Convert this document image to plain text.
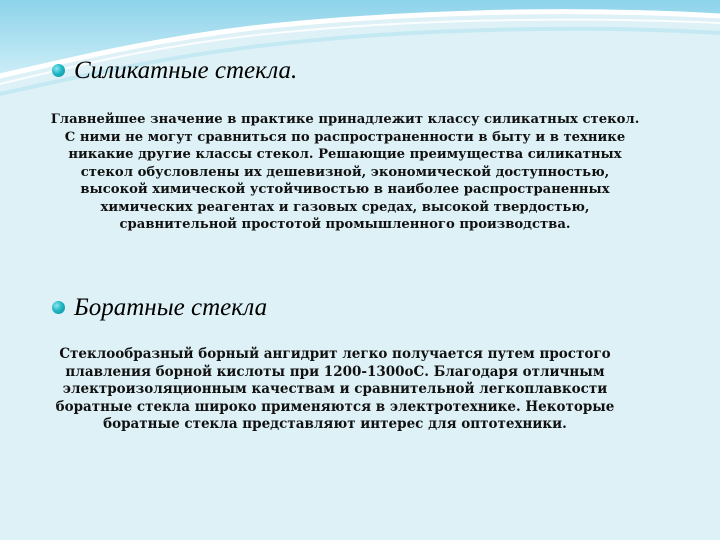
Силикатные стекла.

Главнейшее значение в практике принадлежит классу силикатных стекол. С ними не могут сравниться по распространенности в быту и в технике никакие другие классы стекол. Решающие преимущества силикатных стекол обусловлены их дешевизной, экономической доступностью, высокой химической устойчивостью в наиболее распространенных химических реагентах и газовых средах, высокой твердостью, сравнительной простотой промышленного производства.

Боратные стекла

Стеклообразный борный ангидрит легко получается путем простого плавления борной кислоты при 1200-1300оС. Благодаря отличным электроизоляционным качествам и сравнительной легкоплавкости боратные стекла широко применяются в электротехнике. Некоторые боратные стекла представляют интерес для оптотехники.
